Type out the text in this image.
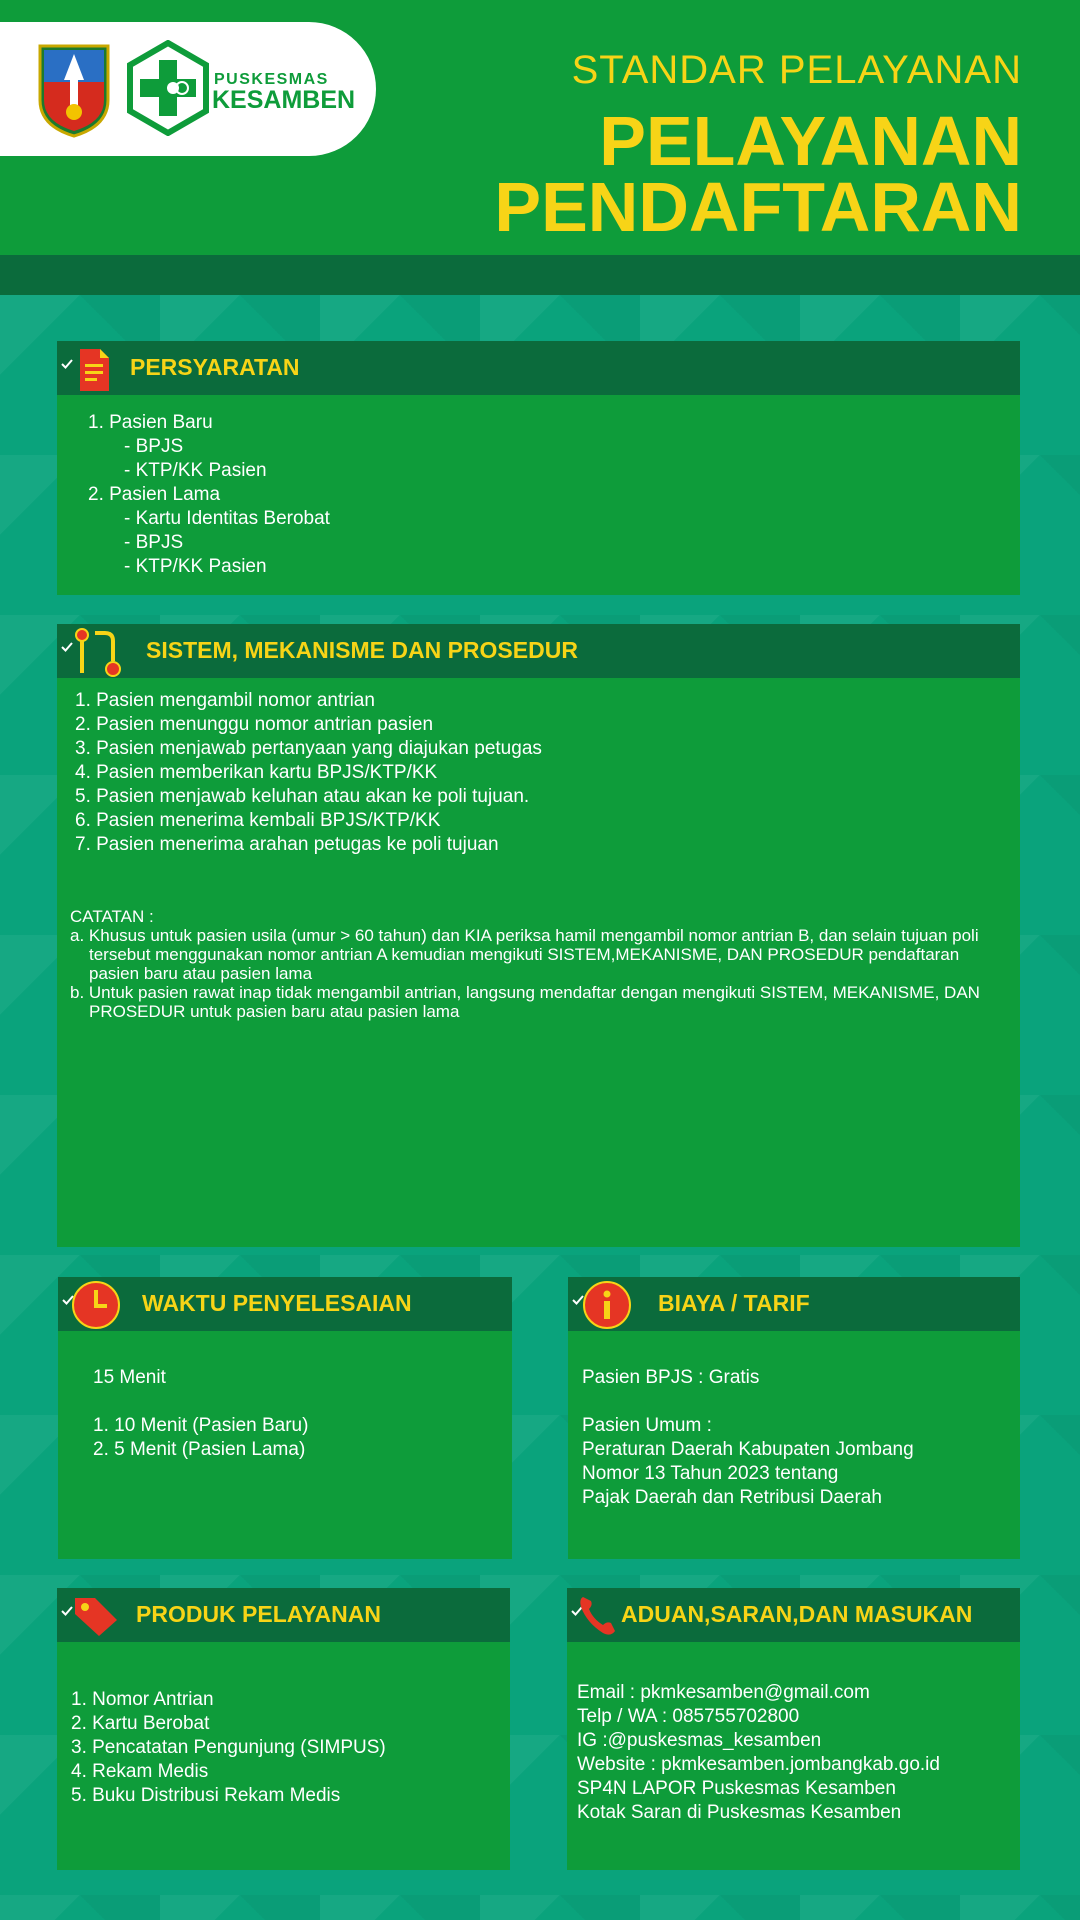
PUSKESMAS
KESAMBEN
STANDAR PELAYANAN
PELAYANAN
PENDAFTARAN
PERSYARATAN
1. Pasien Baru
- BPJS
- KTP/KK Pasien
2. Pasien Lama
- Kartu Identitas Berobat
- BPJS
- KTP/KK Pasien
SISTEM, MEKANISME DAN PROSEDUR
1. Pasien mengambil nomor antrian
2. Pasien menunggu nomor antrian pasien
3. Pasien menjawab pertanyaan yang diajukan petugas
4. Pasien memberikan kartu BPJS/KTP/KK
5. Pasien menjawab keluhan atau akan ke poli tujuan.
6. Pasien menerima kembali BPJS/KTP/KK
7. Pasien menerima arahan petugas ke poli tujuan
CATATAN :
a. Khusus untuk pasien usila (umur > 60 tahun) dan KIA periksa hamil mengambil nomor antrian B, dan selain tujuan poli tersebut menggunakan nomor antrian A kemudian mengikuti SISTEM,MEKANISME, DAN PROSEDUR pendaftaran pasien baru atau pasien lama
b. Untuk pasien rawat inap tidak mengambil antrian, langsung mendaftar dengan mengikuti SISTEM, MEKANISME, DAN PROSEDUR untuk pasien baru atau pasien lama
WAKTU PENYELESAIAN
15 Menit
1. 10 Menit (Pasien Baru)
2. 5 Menit (Pasien Lama)
BIAYA / TARIF
Pasien BPJS : Gratis
Pasien Umum :
Peraturan Daerah Kabupaten Jombang
Nomor 13 Tahun 2023 tentang
Pajak Daerah dan Retribusi Daerah
PRODUK PELAYANAN
1. Nomor Antrian
2. Kartu Berobat
3. Pencatatan Pengunjung (SIMPUS)
4. Rekam Medis
5. Buku Distribusi Rekam Medis
ADUAN,SARAN,DAN MASUKAN
Email : pkmkesamben@gmail.com
Telp / WA : 085755702800
IG :@puskesmas_kesamben
Website : pkmkesamben.jombangkab.go.id
SP4N LAPOR Puskesmas Kesamben
Kotak Saran di Puskesmas Kesamben
